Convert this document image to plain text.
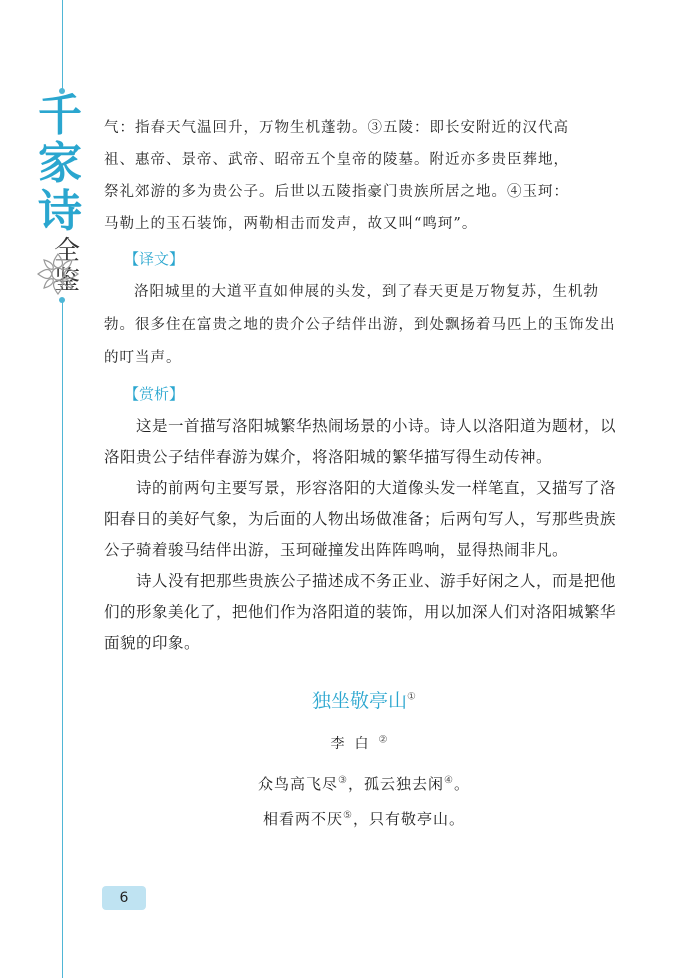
千
家
诗
全
鉴

气：指春天气温回升，万物生机蓬勃。③五陵：即长安附近的汉代高

祖、惠帝、景帝、武帝、昭帝五个皇帝的陵墓。附近亦多贵臣葬地，

祭礼郊游的多为贵公子。后世以五陵指豪门贵族所居之地。④玉珂：

马勒上的玉石装饰，两勒相击而发声，故又叫“鸣珂”。

【译文】

洛阳城里的大道平直如伸展的头发，到了春天更是万物复苏，生机勃勃。很多住在富贵之地的贵介公子结伴出游，到处飘扬着马匹上的玉饰发出的叮当声。

【赏析】

这是一首描写洛阳城繁华热闹场景的小诗。诗人以洛阳道为题材，以洛阳贵公子结伴春游为媒介，将洛阳城的繁华描写得生动传神。

诗的前两句主要写景，形容洛阳的大道像头发一样笔直，又描写了洛阳春日的美好气象，为后面的人物出场做准备；后两句写人，写那些贵族公子骑着骏马结伴出游，玉珂碰撞发出阵阵鸣响，显得热闹非凡。

诗人没有把那些贵族公子描述成不务正业、游手好闲之人，而是把他们的形象美化了，把他们作为洛阳道的装饰，用以加深人们对洛阳城繁华面貌的印象。

独坐敬亭山①
李白②
众鸟高飞尽③，孤云独去闲④。
相看两不厌⑤，只有敬亭山。
6
